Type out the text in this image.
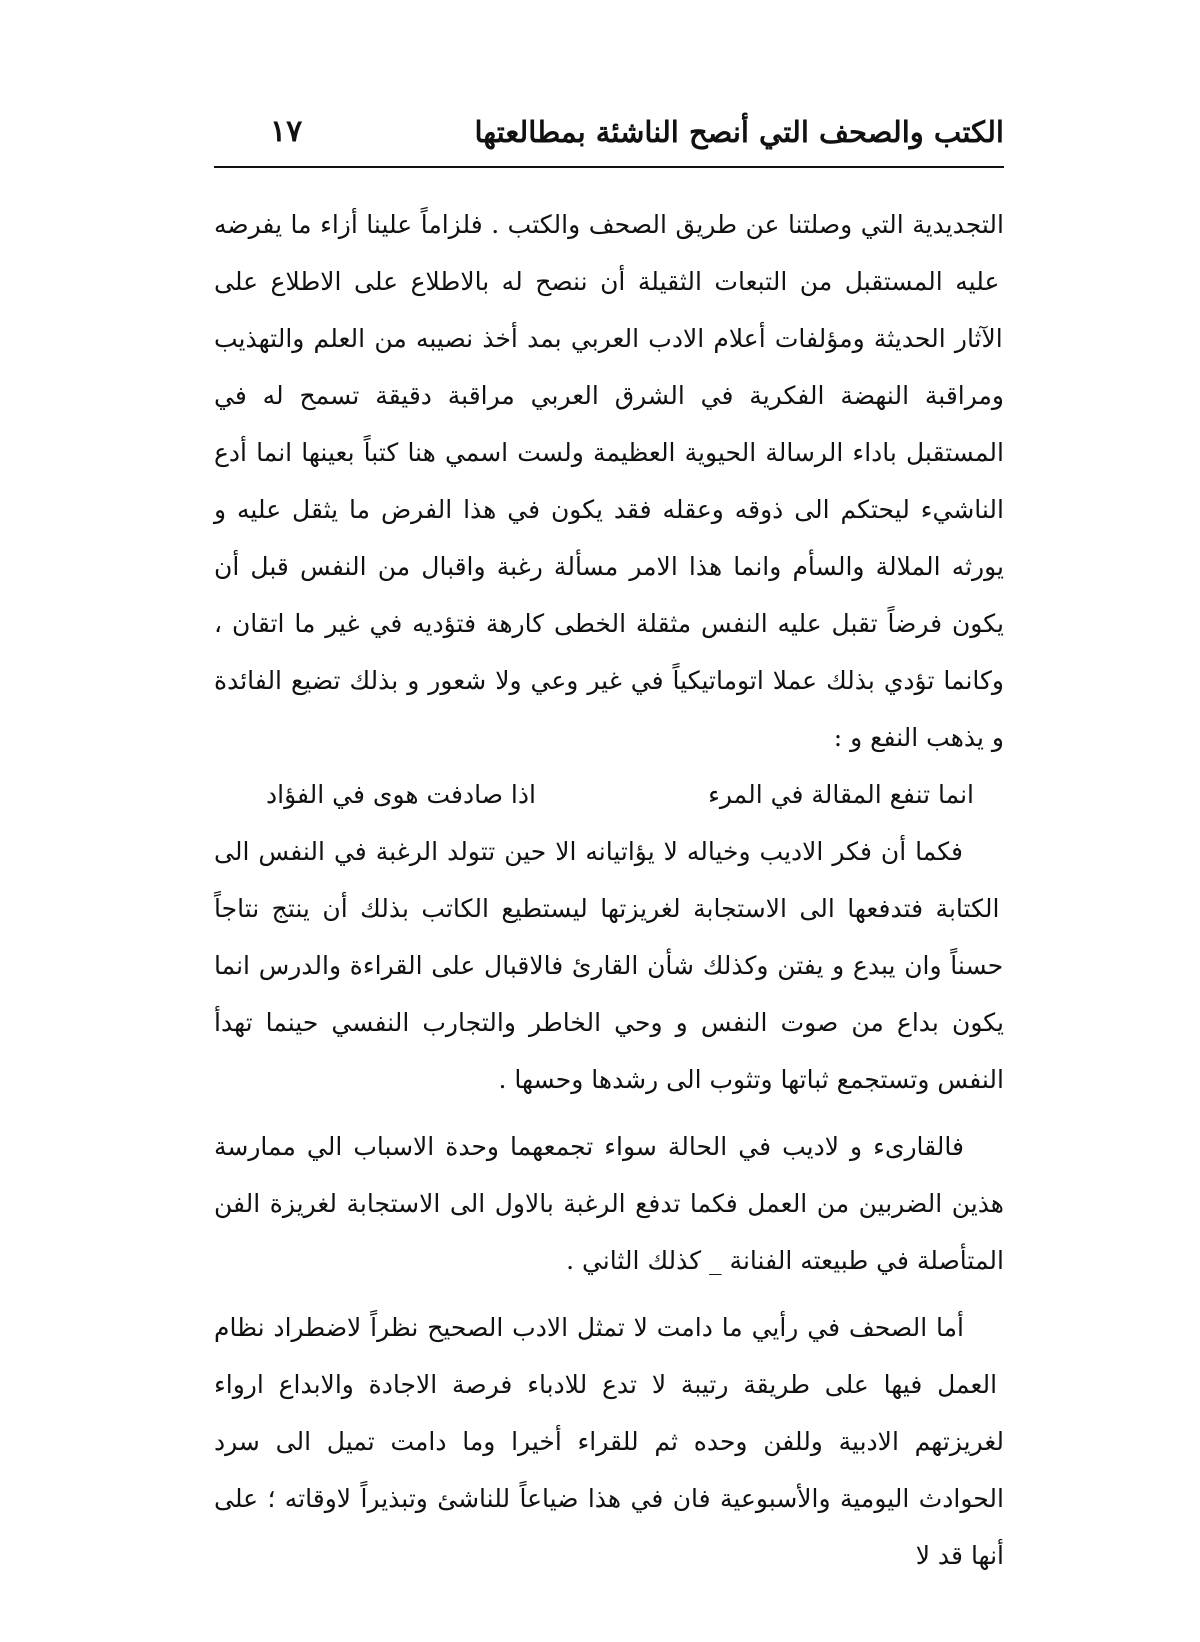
الكتب والصحف التي أنصح الناشئة بمطالعتها
١٧

التجديدية التي وصلتنا عن طريق الصحف والكتب . فلزاماً علينا أزاء ما يفرضه عليه المستقبل من التبعات الثقيلة أن ننصح له بالاطلاع على الاطلاع على الآثار الحديثة ومؤلفات أعلام الادب العربي بمد أخذ نصيبه من العلم والتهذيب ومراقبة النهضة الفكرية في الشرق العربي مراقبة دقيقة تسمح له في المستقبل باداء الرسالة الحيوية العظيمة ولست اسمي هنا كتباً بعينها انما أدع الناشيء ليحتكم الى ذوقه وعقله فقد يكون في هذا الفرض ما يثقل عليه و يورثه الملالة والسأم وانما هذا الامر مسألة رغبة واقبال من النفس قبل أن يكون فرضاً تقبل عليه النفس مثقلة الخطى كارهة فتؤديه في غير ما اتقان ، وكانما تؤدي بذلك عملا اتوماتيكياً في غير وعي ولا شعور و بذلك تضيع الفائدة و يذهب النفع و :

انما تنفع المقالة في المرء
اذا صادفت هوى في الفؤاد

فكما أن فكر الاديب وخياله لا يؤاتيانه الا حين تتولد الرغبة في النفس الى الكتابة فتدفعها الى الاستجابة لغريزتها ليستطيع الكاتب بذلك أن ينتج نتاجاً حسناً وان يبدع و يفتن وكذلك شأن القارئ فالاقبال على القراءة والدرس انما يكون بداع من صوت النفس و وحي الخاطر والتجارب النفسي حينما تهدأ النفس وتستجمع ثباتها وتثوب الى رشدها وحسها .

فالقارىء و لاديب في الحالة سواء تجمعهما وحدة الاسباب الي ممارسة هذين الضربين من العمل فكما تدفع الرغبة بالاول الى الاستجابة لغريزة الفن المتأصلة في طبيعته الفنانة _ كذلك الثاني .

أما الصحف في رأيي ما دامت لا تمثل الادب الصحيح نظراً لاضطراد نظام العمل فيها على طريقة رتيبة لا تدع للادباء فرصة الاجادة والابداع ارواء لغريزتهم الادبية وللفن وحده ثم للقراء أخيرا وما دامت تميل الى سرد الحوادث اليومية والأسبوعية فان في هذا ضياعاً للناشئ وتبذيراً لاوقاته ؛ على أنها قد لا
